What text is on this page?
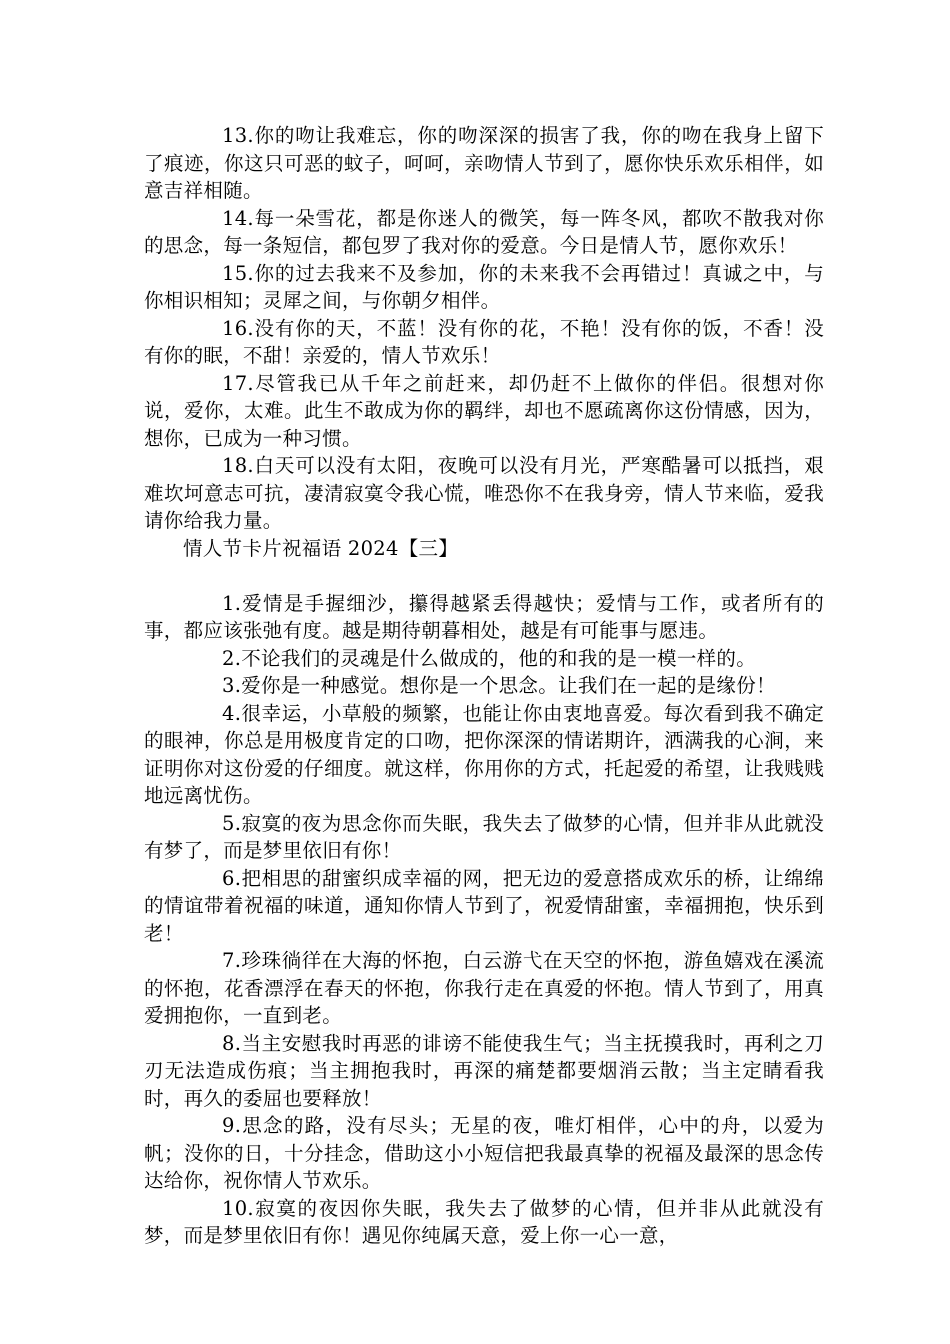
13.你的吻让我难忘，你的吻深深的损害了我，你的吻在我身上留下了痕迹，你这只可恶的蚊子，呵呵，亲吻情人节到了，愿你快乐欢乐相伴，如意吉祥相随。

14.每一朵雪花，都是你迷人的微笑，每一阵冬风，都吹不散我对你的思念，每一条短信，都包罗了我对你的爱意。今日是情人节，愿你欢乐！

15.你的过去我来不及参加，你的未来我不会再错过！真诚之中，与你相识相知；灵犀之间，与你朝夕相伴。

16.没有你的天，不蓝！没有你的花，不艳！没有你的饭，不香！没有你的眠，不甜！亲爱的，情人节欢乐！

17.尽管我已从千年之前赶来，却仍赶不上做你的伴侣。很想对你说，爱你，太难。此生不敢成为你的羁绊，却也不愿疏离你这份情感，因为，想你，已成为一种习惯。

18.白天可以没有太阳，夜晚可以没有月光，严寒酷暑可以抵挡，艰难坎坷意志可抗，凄清寂寞令我心慌，唯恐你不在我身旁，情人节来临，爱我请你给我力量。

情人节卡片祝福语 2024【三】

1.爱情是手握细沙，攥得越紧丢得越快；爱情与工作，或者所有的事，都应该张弛有度。越是期待朝暮相处，越是有可能事与愿违。

2.不论我们的灵魂是什么做成的，他的和我的是一模一样的。

3.爱你是一种感觉。想你是一个思念。让我们在一起的是缘份！

4.很幸运，小草般的频繁，也能让你由衷地喜爱。每次看到我不确定的眼神，你总是用极度肯定的口吻，把你深深的情诺期许，洒满我的心涧，来证明你对这份爱的仔细度。就这样，你用你的方式，托起爱的希望，让我贱贱地远离忧伤。

5.寂寞的夜为思念你而失眠，我失去了做梦的心情，但并非从此就没有梦了，而是梦里依旧有你！

6.把相思的甜蜜织成幸福的网，把无边的爱意搭成欢乐的桥，让绵绵的情谊带着祝福的味道，通知你情人节到了，祝爱情甜蜜，幸福拥抱，快乐到老！

7.珍珠徜徉在大海的怀抱，白云游弋在天空的怀抱，游鱼嬉戏在溪流的怀抱，花香漂浮在春天的怀抱，你我行走在真爱的怀抱。情人节到了，用真爱拥抱你，一直到老。

8.当主安慰我时再恶的诽谤不能使我生气；当主抚摸我时，再利之刀刃无法造成伤痕；当主拥抱我时，再深的痛楚都要烟消云散；当主定睛看我时，再久的委屈也要释放！

9.思念的路，没有尽头；无星的夜，唯灯相伴，心中的舟，以爱为帆；没你的日，十分挂念，借助这小小短信把我最真挚的祝福及最深的思念传达给你，祝你情人节欢乐。

10.寂寞的夜因你失眠，我失去了做梦的心情，但并非从此就没有梦，而是梦里依旧有你！遇见你纯属天意，爱上你一心一意，
